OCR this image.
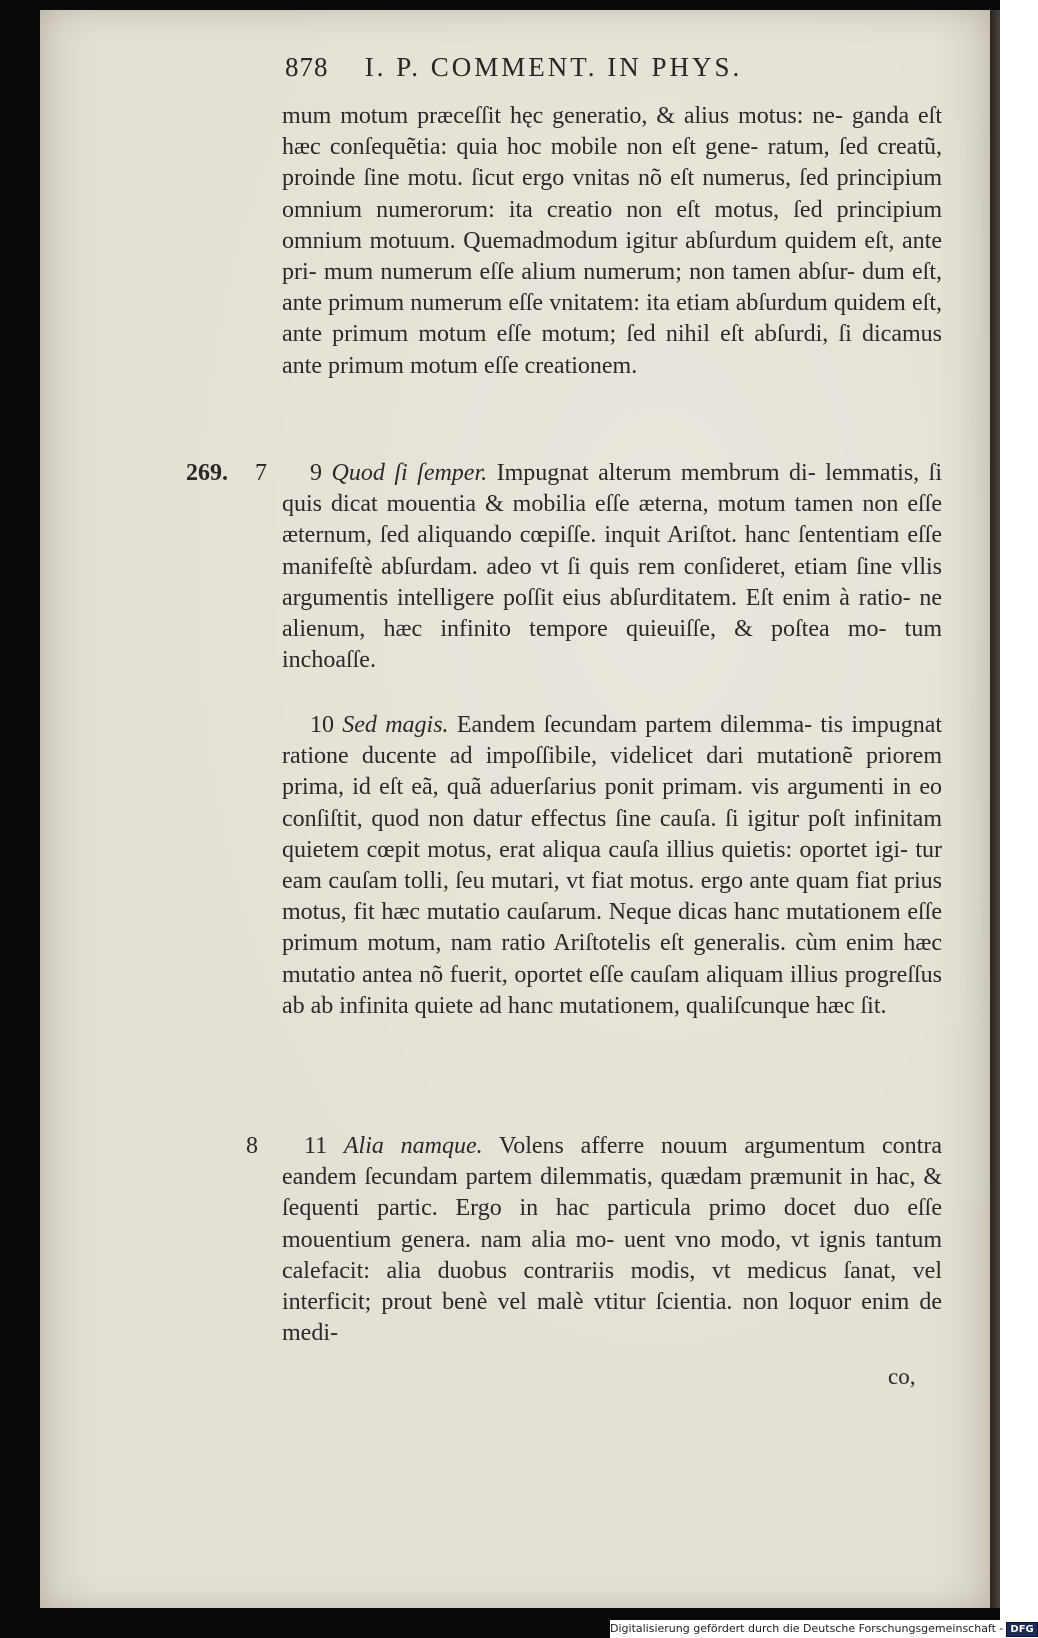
878 I. P. COMMENT. IN PHYS.
mum motum præceſſit hęc generatio, & alius motus: ne- ganda eſt hæc conſequẽtia: quia hoc mobile non eſt gene- ratum, ſed creatũ, proinde ſine motu. ſicut ergo vnitas nõ eſt numerus, ſed principium omnium numerorum: ita creatio non eſt motus, ſed principium omnium motuum. Quemadmodum igitur abſurdum quidem eſt, ante pri- mum numerum eſſe alium numerum; non tamen abſur- dum eſt, ante primum numerum eſſe vnitatem: ita etiam abſurdum quidem eſt, ante primum motum eſſe motum; ſed nihil eſt abſurdi, ſi dicamus ante primum motum eſſe creationem.
269. 7	9 Quod ſi ſemper. Impugnat alterum membrum di- lemmatis, ſi quis dicat mouentia & mobilia eſſe æterna, motum tamen non eſſe æternum, ſed aliquando cœpiſſe. inquit Ariſtot. hanc ſententiam eſſe manifeſtè abſurdam. adeo vt ſi quis rem conſideret, etiam ſine vllis argumentis intelligere poſſit eius abſurditatem. Eſt enim à ratio- ne alienum, hæc infinito tempore quieuiſſe, & poſtea mo- tum inchoaſſe.
10 Sed magis. Eandem ſecundam partem dilemma- tis impugnat ratione ducente ad impoſſibile, videlicet dari mutationẽ priorem prima, id eſt eã, quã aduerſarius ponit primam. vis argumenti in eo conſiſtit, quod non datur effectus ſine cauſa. ſi igitur poſt infinitam quietem cœpit motus, erat aliqua cauſa illius quietis: oportet igi- tur eam cauſam tolli, ſeu mutari, vt fiat motus. ergo ante quam fiat prius motus, fit hæc mutatio cauſarum. Neque dicas hanc mutationem eſſe primum motum, nam ratio Ariſtotelis eſt generalis. cùm enim hæc mutatio antea nõ fuerit, oportet eſſe cauſam aliquam illius progreſſus ab ab infinita quiete ad hanc mutationem, qualiſcunque hæc ſit.
8	11 Alia namque. Volens afferre nouum argumentum contra eandem ſecundam partem dilemmatis, quædam præmunit in hac, & ſequenti partic. Ergo in hac particula primo docet duo eſſe mouentium genera. nam alia mo- uent vno modo, vt ignis tantum calefacit: alia duobus contrariis modis, vt medicus ſanat, vel interficit; prout benè vel malè vtitur ſcientia. non loquor enim de medi-
co,
Digitalisierung gefördert durch die Deutsche Forschungsgemeinschaft - DFG
